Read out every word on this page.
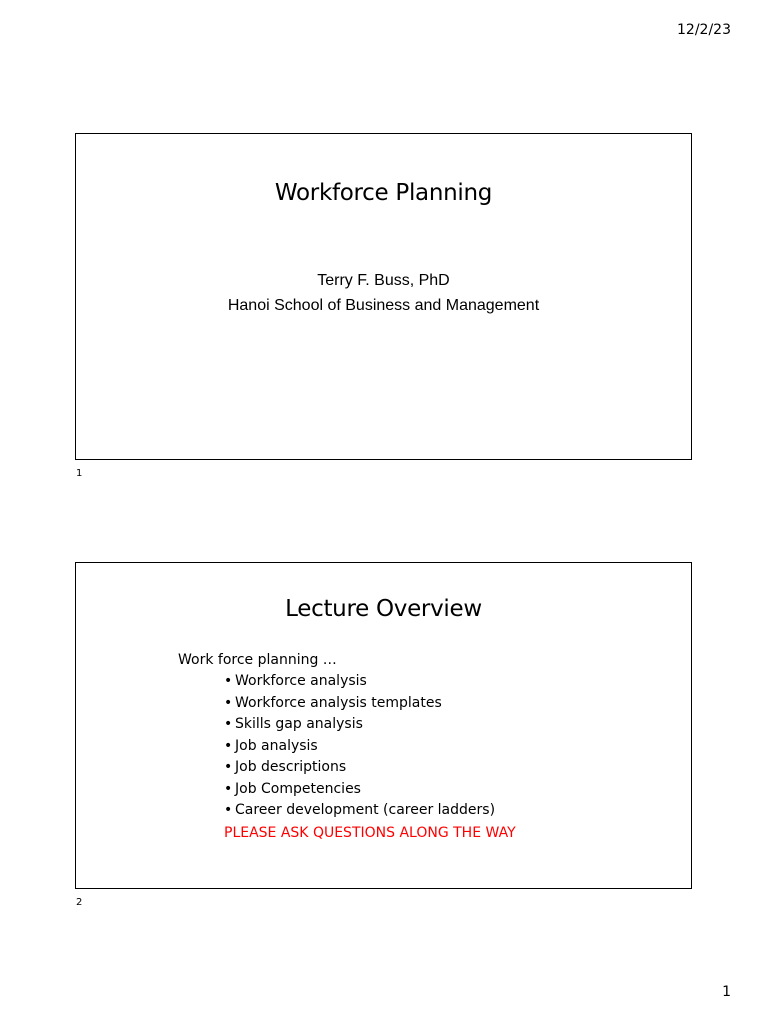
12/2/23
Workforce Planning
Terry F. Buss, PhD
Hanoi School of Business and Management
1
Lecture Overview
Work force planning …
• Workforce analysis
• Workforce analysis templates
• Skills gap analysis
• Job analysis
• Job descriptions
• Job Competencies
• Career development (career ladders)
PLEASE ASK QUESTIONS ALONG THE WAY
2
1
